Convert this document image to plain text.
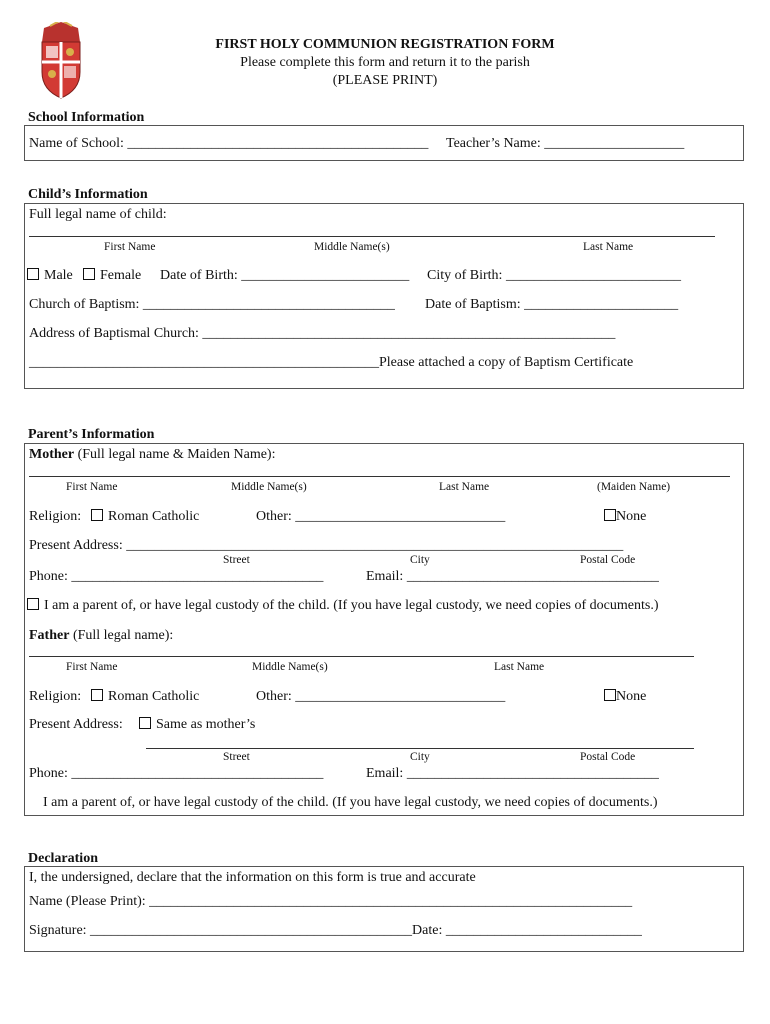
FIRST HOLY COMMUNION REGISTRATION FORM
Please complete this form and return it to the parish
(PLEASE PRINT)
School Information
Name of School: ___________________________________________ Teacher’s Name: ____________________
Child’s Information
Full legal name of child:
First Name	Middle Name(s)	Last Name
Male	Female Date of Birth: ________________________ City of Birth: _________________________
Church of Baptism: ____________________________________ Date of Baptism: ______________________
Address of Baptismal Church: ___________________________________________________________
__________________________________________________Please attached a copy of Baptism Certificate
Parent’s Information
Mother (Full legal name & Maiden Name):
First Name	Middle Name(s)	Last Name	(Maiden Name)
Religion:	Roman Catholic	Other: ______________________________	None
Present Address: _______________________________________________________________________
Street	City	Postal Code
Phone: ____________________________________	Email: ____________________________________
I am a parent of, or have legal custody of the child. (If you have legal custody, we need copies of documents.)
Father (Full legal name):
First Name	Middle Name(s)	Last Name
Religion:	Roman Catholic	Other: ______________________________	None
Present Address:	Same as mother’s
Street	City	Postal Code
Phone: ____________________________________	Email: ____________________________________
I am a parent of, or have legal custody of the child. (If you have legal custody, we need copies of documents.)
Declaration
I, the undersigned, declare that the information on this form is true and accurate
Name (Please Print): _____________________________________________________________________
Signature: ______________________________________________Date: ____________________________
